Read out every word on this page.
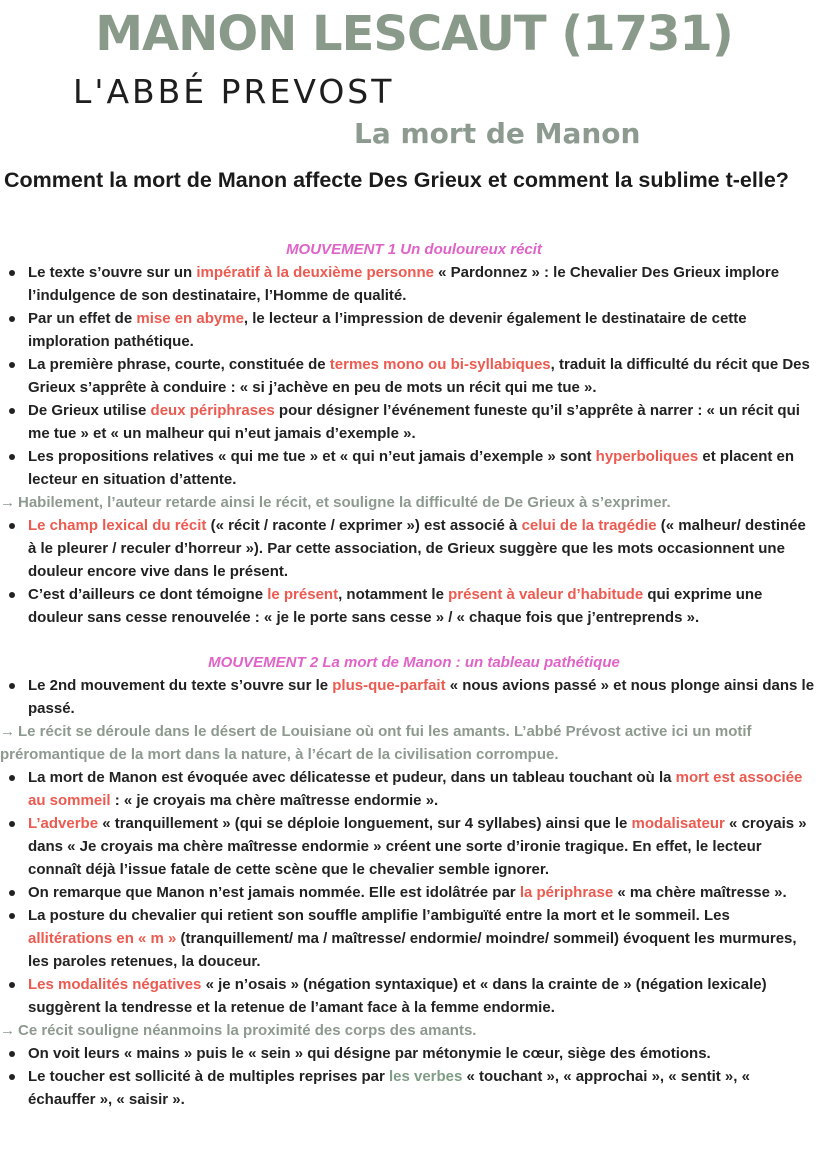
MANON LESCAUT (1731)
L'ABBÉ PREVOST
La mort de Manon
Comment la mort de Manon affecte Des Grieux et comment la sublime t-elle?
MOUVEMENT 1 Un douloureux récit
Le texte s’ouvre sur un impératif à la deuxième personne « Pardonnez » : le Chevalier Des Grieux implore l’indulgence de son destinataire, l’Homme de qualité.
Par un effet de mise en abyme, le lecteur a l’impression de devenir également le destinataire de cette imploration pathétique.
La première phrase, courte, constituée de termes mono ou bi-syllabiques, traduit la difficulté du récit que Des Grieux s’apprête à conduire : « si j’achève en peu de mots un récit qui me tue ».
De Grieux utilise deux périphrases pour désigner l’événement funeste qu’il s’apprête à narrer : « un récit qui me tue » et « un malheur qui n’eut jamais d’exemple ».
Les propositions relatives « qui me tue » et « qui n’eut jamais d’exemple » sont hyperboliques et placent en lecteur en situation d’attente.
→ Habilement, l’auteur retarde ainsi le récit, et souligne la difficulté de De Grieux à s’exprimer.
Le champ lexical du récit (« récit / raconte / exprimer ») est associé à celui de la tragédie (« malheur/ destinée à le pleurer / reculer d’horreur »). Par cette association, de Grieux suggère que les mots occasionnent une douleur encore vive dans le présent.
C’est d’ailleurs ce dont témoigne le présent, notamment le présent à valeur d’habitude qui exprime une douleur sans cesse renouvelée : « je le porte sans cesse » / « chaque fois que j’entreprends ».
MOUVEMENT 2 La mort de Manon : un tableau pathétique
Le 2nd mouvement du texte s’ouvre sur le plus-que-parfait « nous avions passé » et nous plonge ainsi dans le passé.
→ Le récit se déroule dans le désert de Louisiane où ont fui les amants. L’abbé Prévost active ici un motif préromantique de la mort dans la nature, à l’écart de la civilisation corrompue.
La mort de Manon est évoquée avec délicatesse et pudeur, dans un tableau touchant où la mort est associée au sommeil : « je croyais ma chère maîtresse endormie ».
L’adverbe « tranquillement » (qui se déploie longuement, sur 4 syllabes) ainsi que le modalisateur « croyais » dans « Je croyais ma chère maîtresse endormie » créent une sorte d’ironie tragique. En effet, le lecteur connaît déjà l’issue fatale de cette scène que le chevalier semble ignorer.
On remarque que Manon n’est jamais nommée. Elle est idolâtrée par la périphrase « ma chère maîtresse ».
La posture du chevalier qui retient son souffle amplifie l’ambiguïté entre la mort et le sommeil. Les allitérations en « m » (tranquillement/ ma / maîtresse/ endormie/ moindre/ sommeil) évoquent les murmures, les paroles retenues, la douceur.
Les modalités négatives « je n’osais » (négation syntaxique) et « dans la crainte de » (négation lexicale) suggèrent la tendresse et la retenue de l’amant face à la femme endormie.
→ Ce récit souligne néanmoins la proximité des corps des amants.
On voit leurs « mains » puis le « sein » qui désigne par métonymie le cœur, siège des émotions.
Le toucher est sollicité à de multiples reprises par les verbes « touchant », « approchai », « sentit », « échauffer », « saisir ».
